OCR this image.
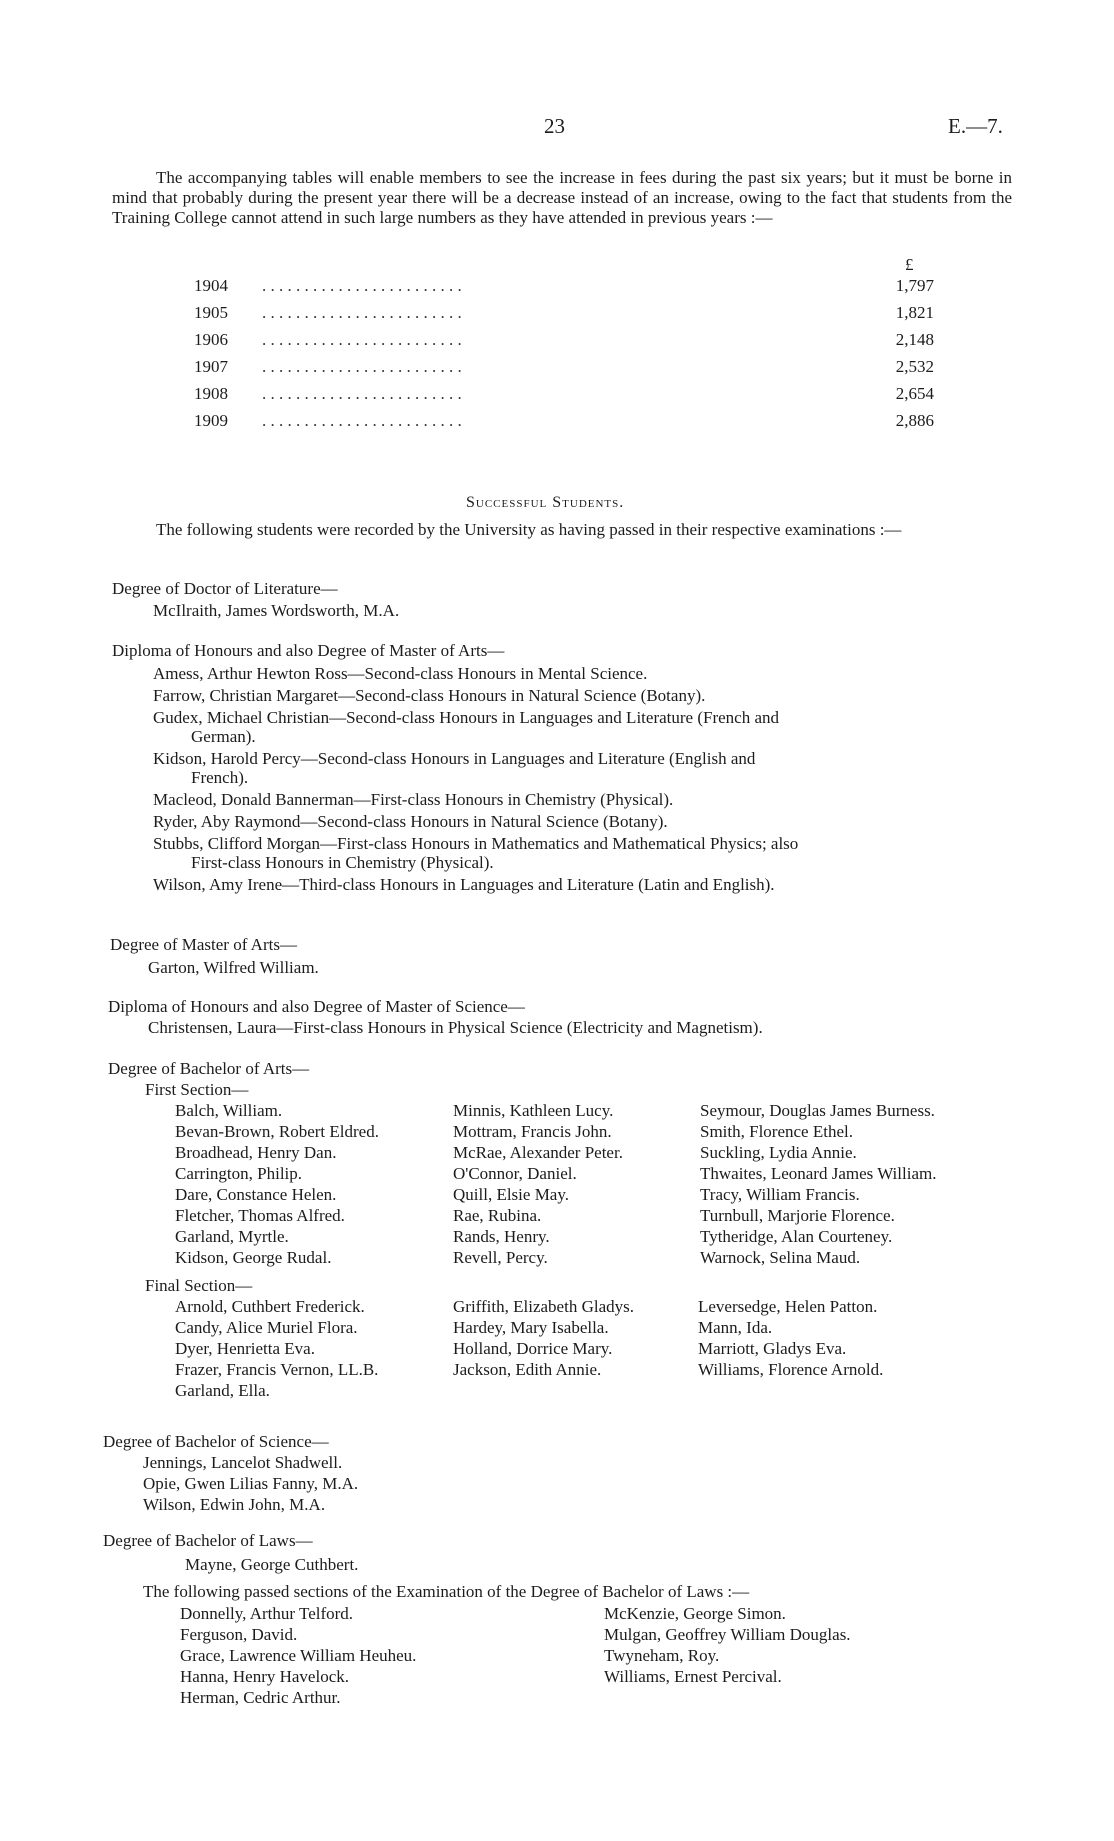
23	E.—7.
The accompanying tables will enable members to see the increase in fees during the past six years; but it must be borne in mind that probably during the present year there will be a decrease instead of an increase, owing to the fact that students from the Training College cannot attend in such large numbers as they have attended in previous years :—
£
1904 . . . . . . . . . . . . . . . . . . . . . . . .	1,797
1905 . . . . . . . . . . . . . . . . . . . . . . . .	1,821
1906 . . . . . . . . . . . . . . . . . . . . . . . .	2,148
1907 . . . . . . . . . . . . . . . . . . . . . . . .	2,532
1908 . . . . . . . . . . . . . . . . . . . . . . . .	2,654
1909 . . . . . . . . . . . . . . . . . . . . . . . .	2,886
Successful Students.
The following students were recorded by the University as having passed in their respective examinations :—
Degree of Doctor of Literature—
McIlraith, James Wordsworth, M.A.
Diploma of Honours and also Degree of Master of Arts—
Amess, Arthur Hewton Ross—Second-class Honours in Mental Science.
Farrow, Christian Margaret—Second-class Honours in Natural Science (Botany).
Gudex, Michael Christian—Second-class Honours in Languages and Literature (French and
German).
Kidson, Harold Percy—Second-class Honours in Languages and Literature (English and
French).
Macleod, Donald Bannerman—First-class Honours in Chemistry (Physical).
Ryder, Aby Raymond—Second-class Honours in Natural Science (Botany).
Stubbs, Clifford Morgan—First-class Honours in Mathematics and Mathematical Physics; also
First-class Honours in Chemistry (Physical).
Wilson, Amy Irene—Third-class Honours in Languages and Literature (Latin and English).
Degree of Master of Arts—
Garton, Wilfred William.
Diploma of Honours and also Degree of Master of Science—
Christensen, Laura—First-class Honours in Physical Science (Electricity and Magnetism).
Degree of Bachelor of Arts—
First Section—
Balch, William.
Bevan-Brown, Robert Eldred.
Broadhead, Henry Dan.
Carrington, Philip.
Dare, Constance Helen.
Fletcher, Thomas Alfred.
Garland, Myrtle.
Kidson, George Rudal.
Minnis, Kathleen Lucy.
Mottram, Francis John.
McRae, Alexander Peter.
O'Connor, Daniel.
Quill, Elsie May.
Rae, Rubina.
Rands, Henry.
Revell, Percy.
Seymour, Douglas James Burness.
Smith, Florence Ethel.
Suckling, Lydia Annie.
Thwaites, Leonard James William.
Tracy, William Francis.
Turnbull, Marjorie Florence.
Tytheridge, Alan Courteney.
Warnock, Selina Maud.
Final Section—
Arnold, Cuthbert Frederick.
Candy, Alice Muriel Flora.
Dyer, Henrietta Eva.
Frazer, Francis Vernon, LL.B.
Garland, Ella.
Griffith, Elizabeth Gladys.
Hardey, Mary Isabella.
Holland, Dorrice Mary.
Jackson, Edith Annie.
Leversedge, Helen Patton.
Mann, Ida.
Marriott, Gladys Eva.
Williams, Florence Arnold.
Degree of Bachelor of Science—
Jennings, Lancelot Shadwell.
Opie, Gwen Lilias Fanny, M.A.
Wilson, Edwin John, M.A.
Degree of Bachelor of Laws—
Mayne, George Cuthbert.
The following passed sections of the Examination of the Degree of Bachelor of Laws :—
Donnelly, Arthur Telford.
Ferguson, David.
Grace, Lawrence William Heuheu.
Hanna, Henry Havelock.
Herman, Cedric Arthur.
McKenzie, George Simon.
Mulgan, Geoffrey William Douglas.
Twyneham, Roy.
Williams, Ernest Percival.
